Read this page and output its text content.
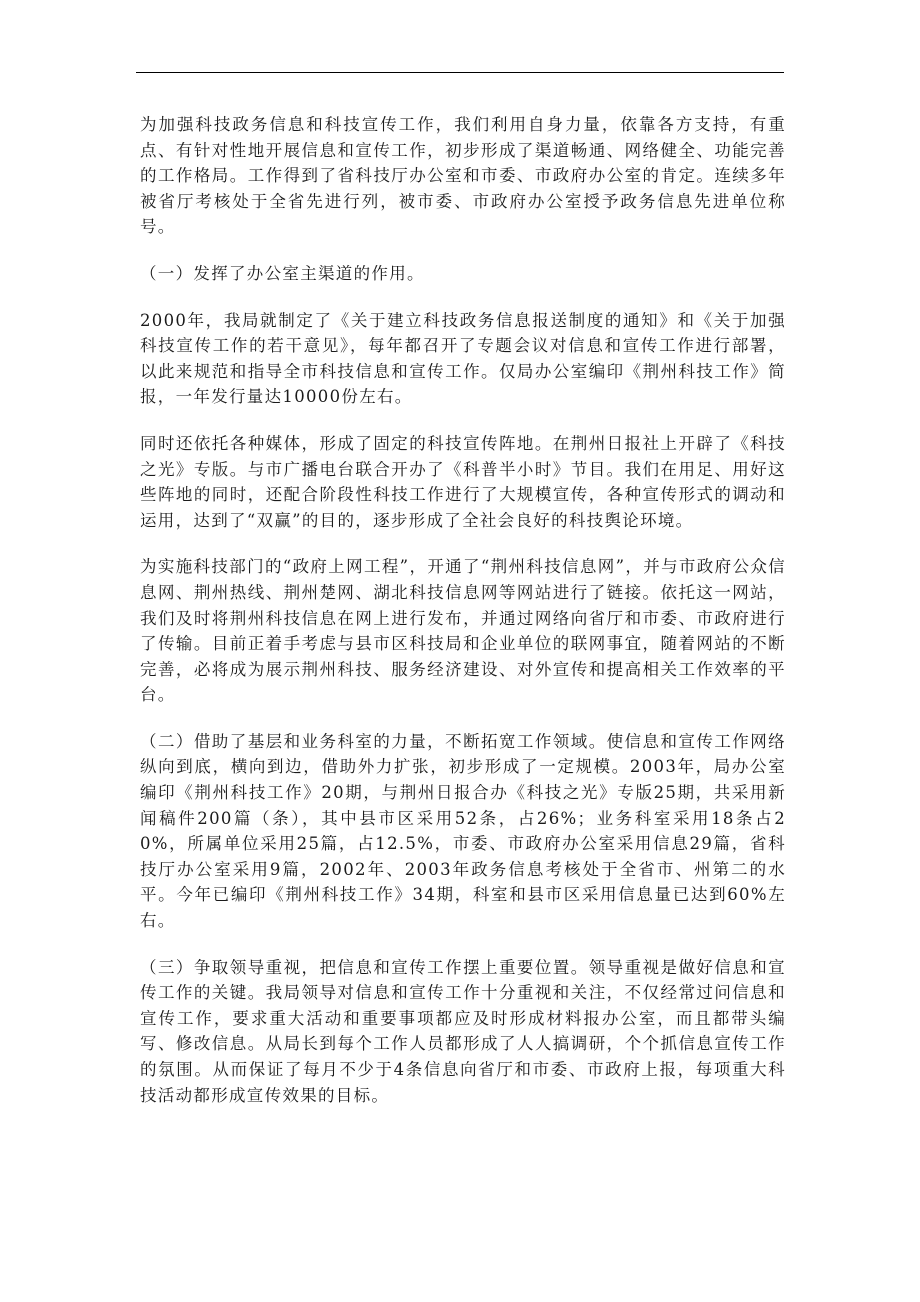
为加强科技政务信息和科技宣传工作，我们利用自身力量，依靠各方支持，有重点、有针对性地开展信息和宣传工作，初步形成了渠道畅通、网络健全、功能完善的工作格局。工作得到了省科技厅办公室和市委、市政府办公室的肯定。连续多年被省厅考核处于全省先进行列，被市委、市政府办公室授予政务信息先进单位称号。

（一）发挥了办公室主渠道的作用。

2000年，我局就制定了《关于建立科技政务信息报送制度的通知》和《关于加强科技宣传工作的若干意见》，每年都召开了专题会议对信息和宣传工作进行部署，以此来规范和指导全市科技信息和宣传工作。仅局办公室编印《荆州科技工作》简报，一年发行量达10000份左右。

同时还依托各种媒体，形成了固定的科技宣传阵地。在荆州日报社上开辟了《科技之光》专版。与市广播电台联合开办了《科普半小时》节目。我们在用足、用好这些阵地的同时，还配合阶段性科技工作进行了大规模宣传，各种宣传形式的调动和运用，达到了“双赢”的目的，逐步形成了全社会良好的科技舆论环境。

为实施科技部门的“政府上网工程”，开通了“荆州科技信息网”，并与市政府公众信息网、荆州热线、荆州楚网、湖北科技信息网等网站进行了链接。依托这一网站，我们及时将荆州科技信息在网上进行发布，并通过网络向省厅和市委、市政府进行了传输。目前正着手考虑与县市区科技局和企业单位的联网事宜，随着网站的不断完善，必将成为展示荆州科技、服务经济建设、对外宣传和提高相关工作效率的平台。

（二）借助了基层和业务科室的力量，不断拓宽工作领域。使信息和宣传工作网络纵向到底，横向到边，借助外力扩张，初步形成了一定规模。2003年，局办公室编印《荆州科技工作》20期，与荆州日报合办《科技之光》专版25期，共采用新闻稿件200篇（条），其中县市区采用52条，占26%；业务科室采用18条占20%，所属单位采用25篇，占12.5%，市委、市政府办公室采用信息29篇，省科技厅办公室采用9篇，2002年、2003年政务信息考核处于全省市、州第二的水平。今年已编印《荆州科技工作》34期，科室和县市区采用信息量已达到60%左右。

（三）争取领导重视，把信息和宣传工作摆上重要位置。领导重视是做好信息和宣传工作的关键。我局领导对信息和宣传工作十分重视和关注，不仅经常过问信息和宣传工作，要求重大活动和重要事项都应及时形成材料报办公室，而且都带头编写、修改信息。从局长到每个工作人员都形成了人人搞调研，个个抓信息宣传工作的氛围。从而保证了每月不少于4条信息向省厅和市委、市政府上报，每项重大科技活动都形成宣传效果的目标。
